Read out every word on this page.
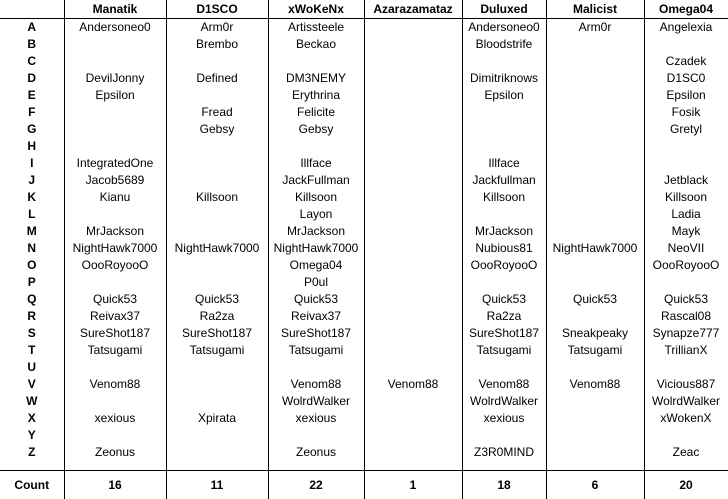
	Manatik	D1SCO	xWoKeNx	Azarazamataz	Duluxed	Malicist	Omega04
A	Andersoneo0	Arm0r	Artissteele		Andersoneo0	Arm0r	Angelexia
B		Brembo	Beckao		Bloodstrife		
C							Czadek
D	DevilJonny	Defined	DM3NEMY		Dimitriknows		D1SC0
E	Epsilon		Erythrina		Epsilon		Epsilon
F		Fread	Felicite				Fosik
G		Gebsy	Gebsy				Gretyl
H							
I	IntegratedOne		Illface		Illface		
J	Jacob5689		JackFullman		Jackfullman		Jetblack
K	Kianu	Killsoon	Killsoon		Killsoon		Killsoon
L			Layon				Ladia
M	MrJackson		MrJackson		MrJackson		Mayk
N	NightHawk7000	NightHawk7000	NightHawk7000		Nubious81	NightHawk7000	NeoVII
O	OooRoyooO		Omega04		OooRoyooO		OooRoyooO
P			P0ul				
Q	Quick53	Quick53	Quick53		Quick53	Quick53	Quick53
R	Reivax37	Ra2za	Reivax37		Ra2za		Rascal08
S	SureShot187	SureShot187	SureShot187		SureShot187	Sneakpeaky	Synapze777
T	Tatsugami	Tatsugami	Tatsugami		Tatsugami	Tatsugami	TrillianX
U							
V	Venom88		Venom88	Venom88	Venom88	Venom88	Vicious887
W			WolrdWalker		WolrdWalker		WolrdWalker
X	xexious	Xpirata	xexious		xexious		xWokenX
Y							
Z	Zeonus		Zeonus		Z3R0MIND		Zeac

Count	16	11	22	1	18	6	20
